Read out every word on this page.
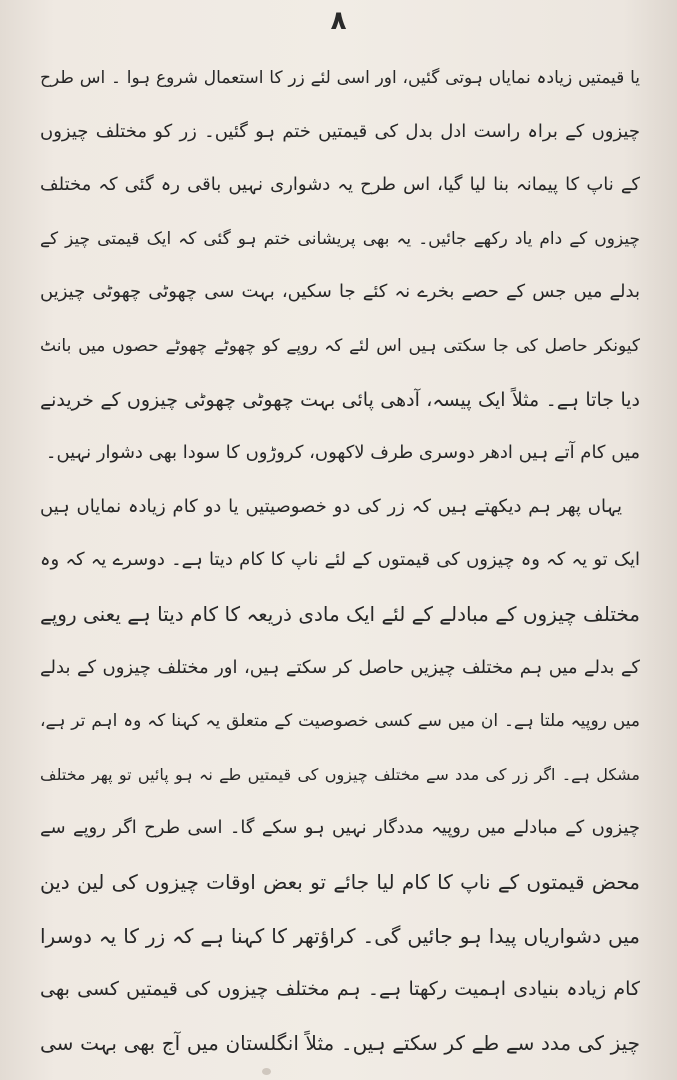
۸
یا قیمتیں زیادہ نمایاں ہوتی گئیں، اور اسی لئے زر کا استعمال شروع ہوا ۔ اس طرح
چیزوں کے براہ راست ادل بدل کی قیمتیں ختم ہو گئیں۔ زر کو مختلف چیزوں
کے ناپ کا پیمانہ بنا لیا گیا، اس طرح یہ دشواری نہیں باقی رہ گئی کہ مختلف
چیزوں کے دام یاد رکھے جائیں۔ یہ بھی پریشانی ختم ہو گئی کہ ایک قیمتی چیز کے
بدلے میں جس کے حصے بخرے نہ کئے جا سکیں، بہت سی چھوٹی چھوٹی چیزیں
کیونکر حاصل کی جا سکتی ہیں اس لئے کہ روپے کو چھوٹے چھوٹے حصوں میں بانٹ
دیا جاتا ہے۔ مثلاً ایک پیسہ، آدھی پائی بہت چھوٹی چھوٹی چیزوں کے خریدنے
میں کام آتے ہیں ادھر دوسری طرف لاکھوں، کروڑوں کا سودا بھی دشوار نہیں۔
یہاں پھر ہم دیکھتے ہیں کہ زر کی دو خصوصیتیں یا دو کام زیادہ نمایاں ہیں
ایک تو یہ کہ وہ چیزوں کی قیمتوں کے لئے ناپ کا کام دیتا ہے۔ دوسرے یہ کہ وہ
مختلف چیزوں کے مبادلے کے لئے ایک مادی ذریعہ کا کام دیتا ہے یعنی روپے
کے بدلے میں ہم مختلف چیزیں حاصل کر سکتے ہیں، اور مختلف چیزوں کے بدلے
میں روپیہ ملتا ہے۔ ان میں سے کسی خصوصیت کے متعلق یہ کہنا کہ وہ اہم تر ہے،
مشکل ہے۔ اگر زر کی مدد سے مختلف چیزوں کی قیمتیں طے نہ ہو پائیں تو پھر مختلف
چیزوں کے مبادلے میں روپیہ مددگار نہیں ہو سکے گا۔ اسی طرح اگر روپے سے
محض قیمتوں کے ناپ کا کام لیا جائے تو بعض اوقات چیزوں کی لین دین
میں دشواریاں پیدا ہو جائیں گی۔ کراؤتھر کا کہنا ہے کہ زر کا یہ دوسرا
کام زیادہ بنیادی اہمیت رکھتا ہے۔ ہم مختلف چیزوں کی قیمتیں کسی بھی
چیز کی مدد سے طے کر سکتے ہیں۔ مثلاً انگلستان میں آج بھی بہت سی
